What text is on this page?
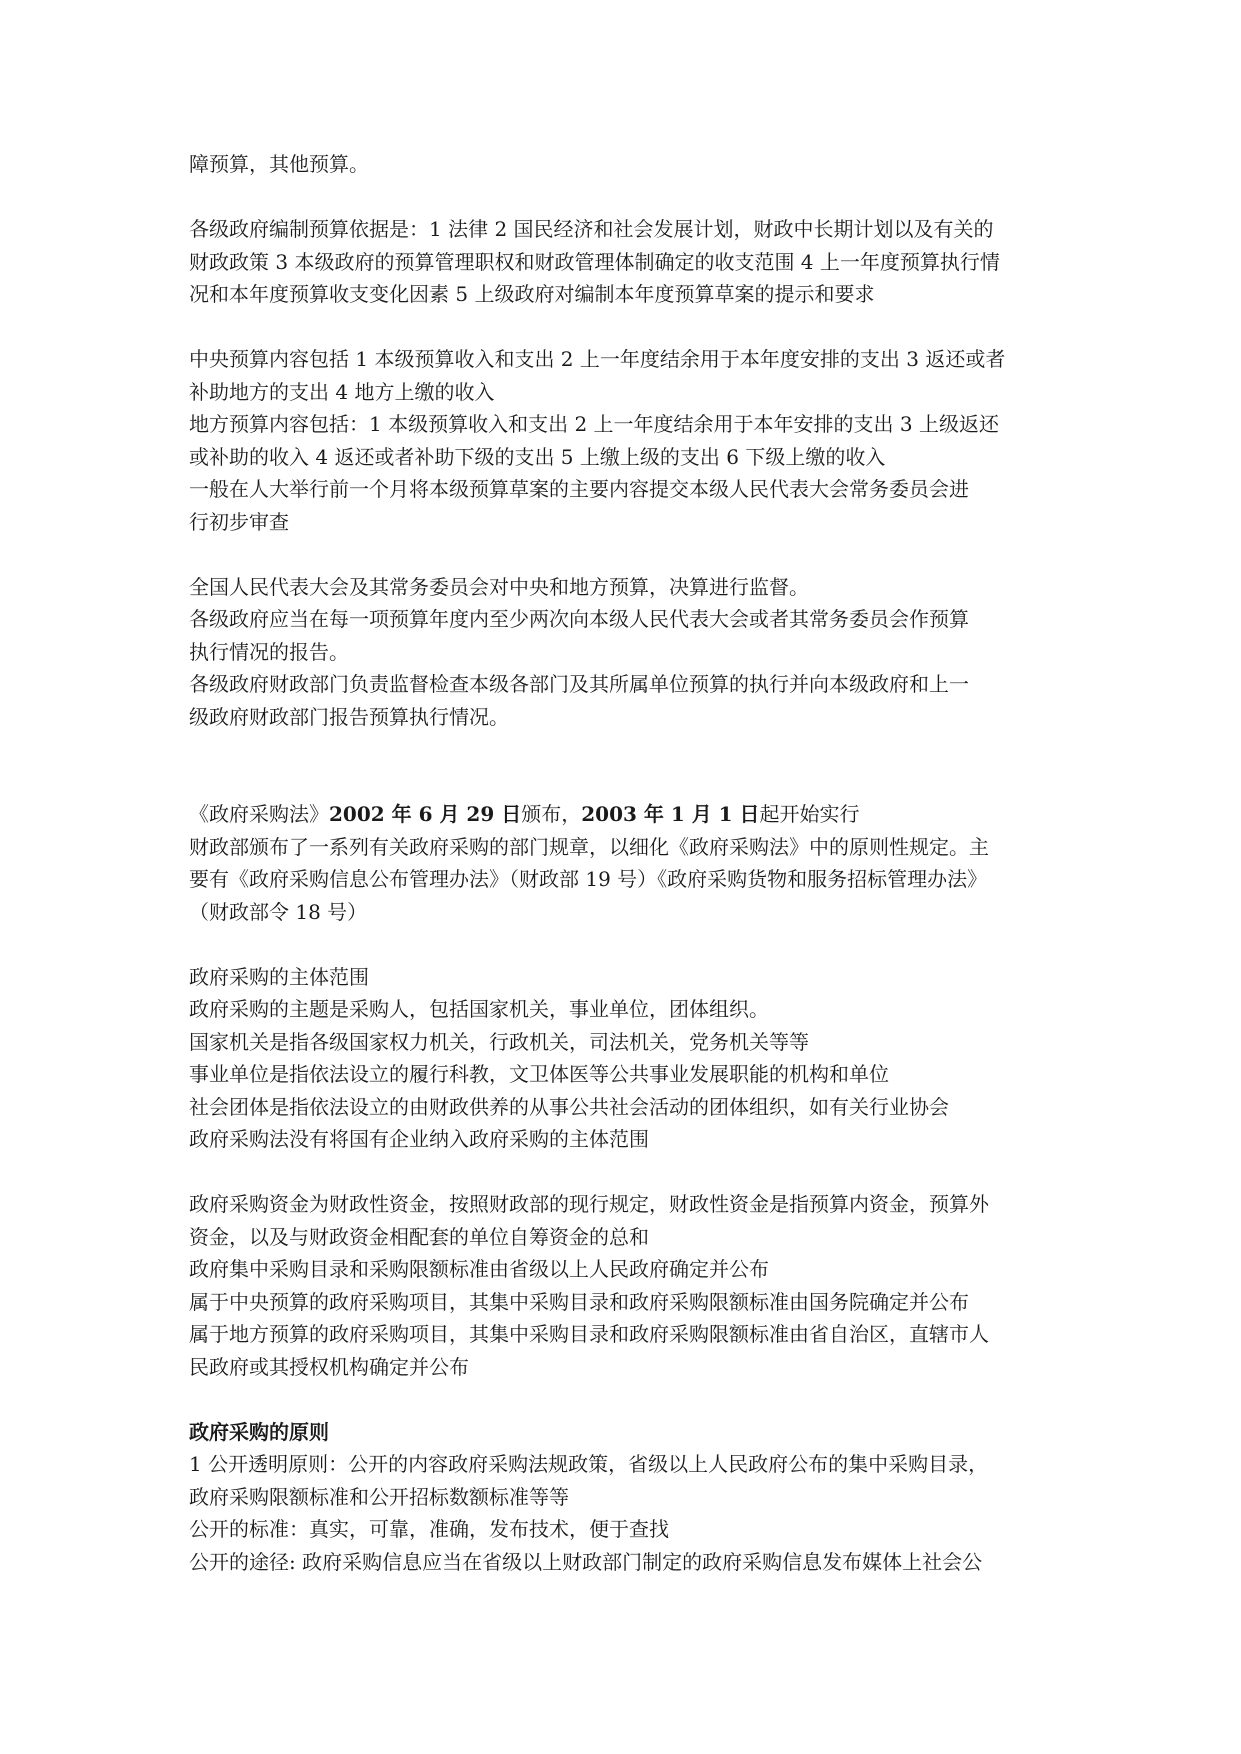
障预算，其他预算。
各级政府编制预算依据是：1 法律 2 国民经济和社会发展计划，财政中长期计划以及有关的
财政政策 3 本级政府的预算管理职权和财政管理体制确定的收支范围 4 上一年度预算执行情
况和本年度预算收支变化因素 5 上级政府对编制本年度预算草案的提示和要求
中央预算内容包括 1 本级预算收入和支出 2 上一年度结余用于本年度安排的支出 3 返还或者
补助地方的支出 4 地方上缴的收入
地方预算内容包括：1 本级预算收入和支出 2 上一年度结余用于本年安排的支出 3 上级返还
或补助的收入 4 返还或者补助下级的支出 5 上缴上级的支出 6 下级上缴的收入
一般在人大举行前一个月将本级预算草案的主要内容提交本级人民代表大会常务委员会进
行初步审查
全国人民代表大会及其常务委员会对中央和地方预算，决算进行监督。
各级政府应当在每一项预算年度内至少两次向本级人民代表大会或者其常务委员会作预算
执行情况的报告。
各级政府财政部门负责监督检查本级各部门及其所属单位预算的执行并向本级政府和上一
级政府财政部门报告预算执行情况。
《政府采购法》2002 年 6 月 29 日颁布，2003 年 1 月 1 日起开始实行
财政部颁布了一系列有关政府采购的部门规章，以细化《政府采购法》中的原则性规定。主
要有《政府采购信息公布管理办法》（财政部 19 号）《政府采购货物和服务招标管理办法》
（财政部令 18 号）
政府采购的主体范围
政府采购的主题是采购人，包括国家机关，事业单位，团体组织。
国家机关是指各级国家权力机关，行政机关，司法机关，党务机关等等
事业单位是指依法设立的履行科教，文卫体医等公共事业发展职能的机构和单位
社会团体是指依法设立的由财政供养的从事公共社会活动的团体组织，如有关行业协会
政府采购法没有将国有企业纳入政府采购的主体范围
政府采购资金为财政性资金，按照财政部的现行规定，财政性资金是指预算内资金，预算外
资金，以及与财政资金相配套的单位自筹资金的总和
政府集中采购目录和采购限额标准由省级以上人民政府确定并公布
属于中央预算的政府采购项目，其集中采购目录和政府采购限额标准由国务院确定并公布
属于地方预算的政府采购项目，其集中采购目录和政府采购限额标准由省自治区，直辖市人
民政府或其授权机构确定并公布
政府采购的原则
1 公开透明原则：公开的内容政府采购法规政策，省级以上人民政府公布的集中采购目录，
政府采购限额标准和公开招标数额标准等等
公开的标准：真实，可靠，准确，发布技术，便于查找
公开的途径: 政府采购信息应当在省级以上财政部门制定的政府采购信息发布媒体上社会公
